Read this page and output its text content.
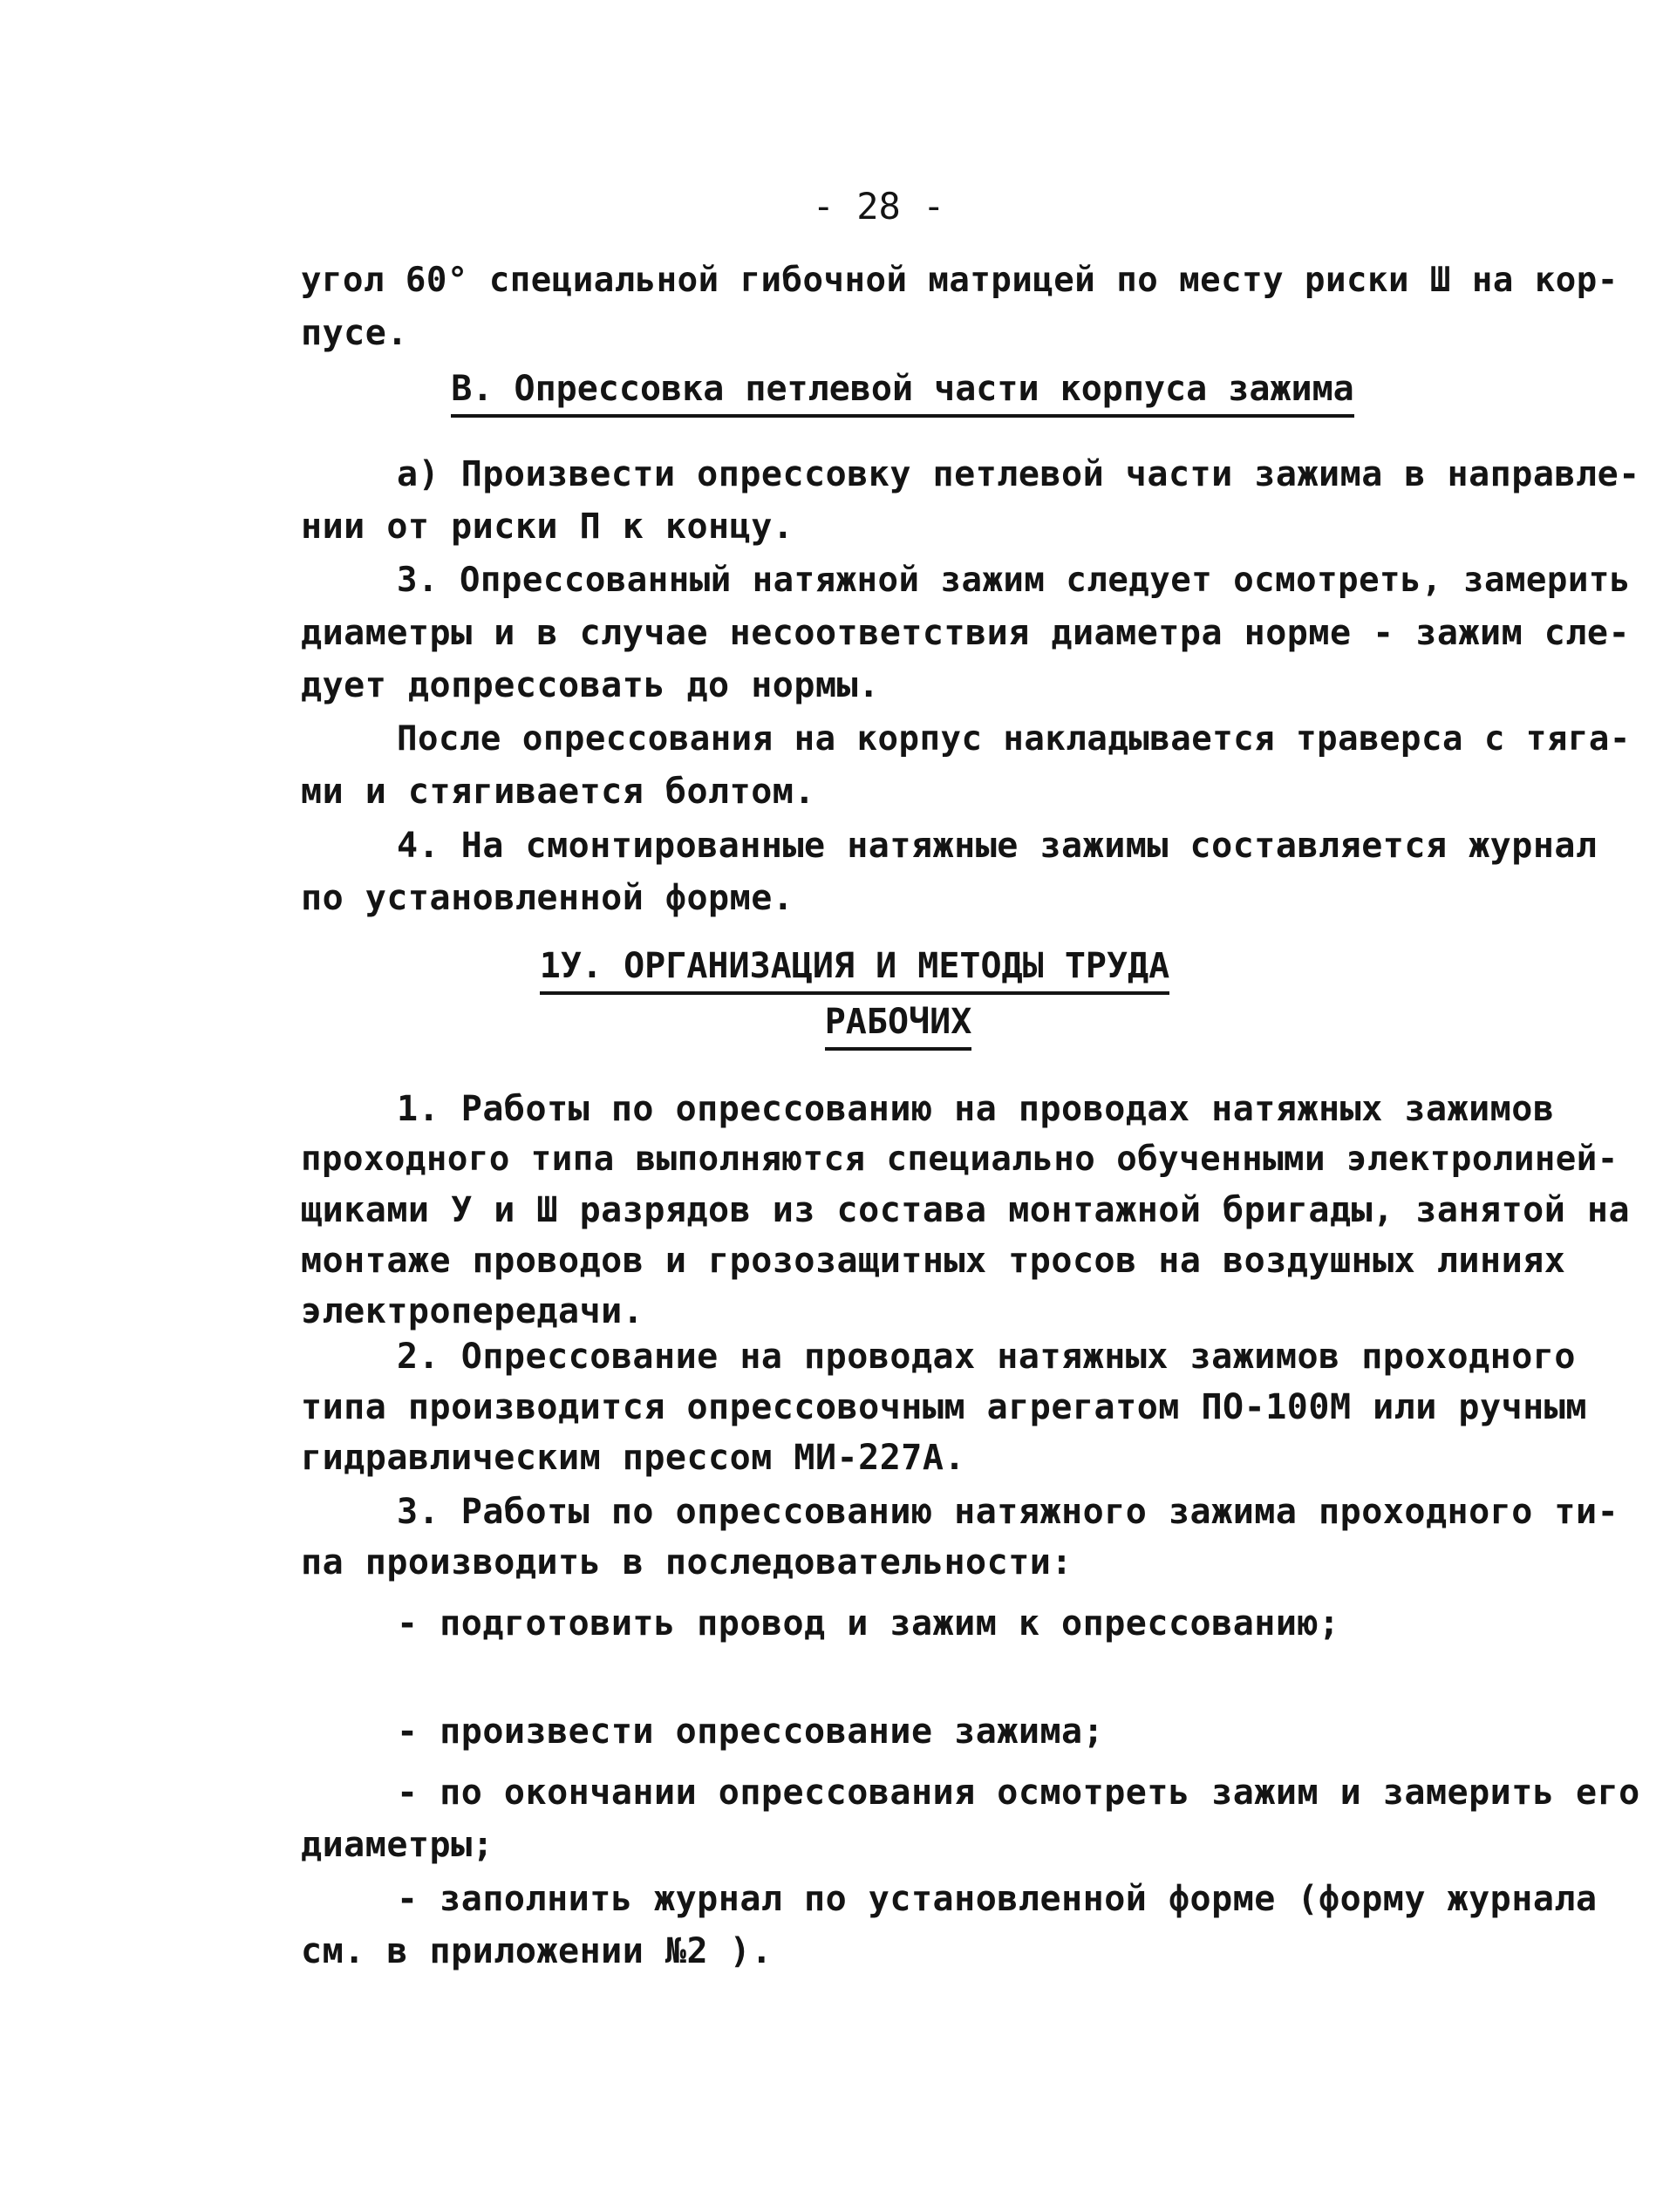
- 28 -
угол 60° специальной гибочной матрицей по месту риски Ш на кор-
пусе.
В. Опрессовка петлевой части корпуса зажима
а) Произвести опрессовку петлевой части зажима в направле-
нии от риски П к концу.
3. Опрессованный натяжной зажим следует осмотреть, замерить
диаметры и в случае несоответствия диаметра норме - зажим сле-
дует допрессовать до нормы.
После опрессования на корпус накладывается траверса с тяга-
ми и стягивается болтом.
4. На смонтированные натяжные зажимы составляется журнал
по установленной форме.
1У. ОРГАНИЗАЦИЯ И МЕТОДЫ ТРУДА
РАБОЧИХ
1. Работы по опрессованию на проводах натяжных зажимов
проходного типа выполняются специально обученными электролиней-
щиками У и Ш разрядов из состава монтажной бригады, занятой на
монтаже проводов и грозозащитных тросов на воздушных линиях
электропередачи.
2. Опрессование на проводах натяжных зажимов проходного
типа производится опрессовочным агрегатом ПО-100М или ручным
гидравлическим прессом МИ-227А.
3. Работы по опрессованию натяжного зажима проходного ти-
па производить в последовательности:
- подготовить провод и зажим к опрессованию;
- произвести опрессование зажима;
- по окончании опрессования осмотреть зажим и замерить его
диаметры;
- заполнить журнал по установленной форме (форму журнала
см. в приложении №2 ).
